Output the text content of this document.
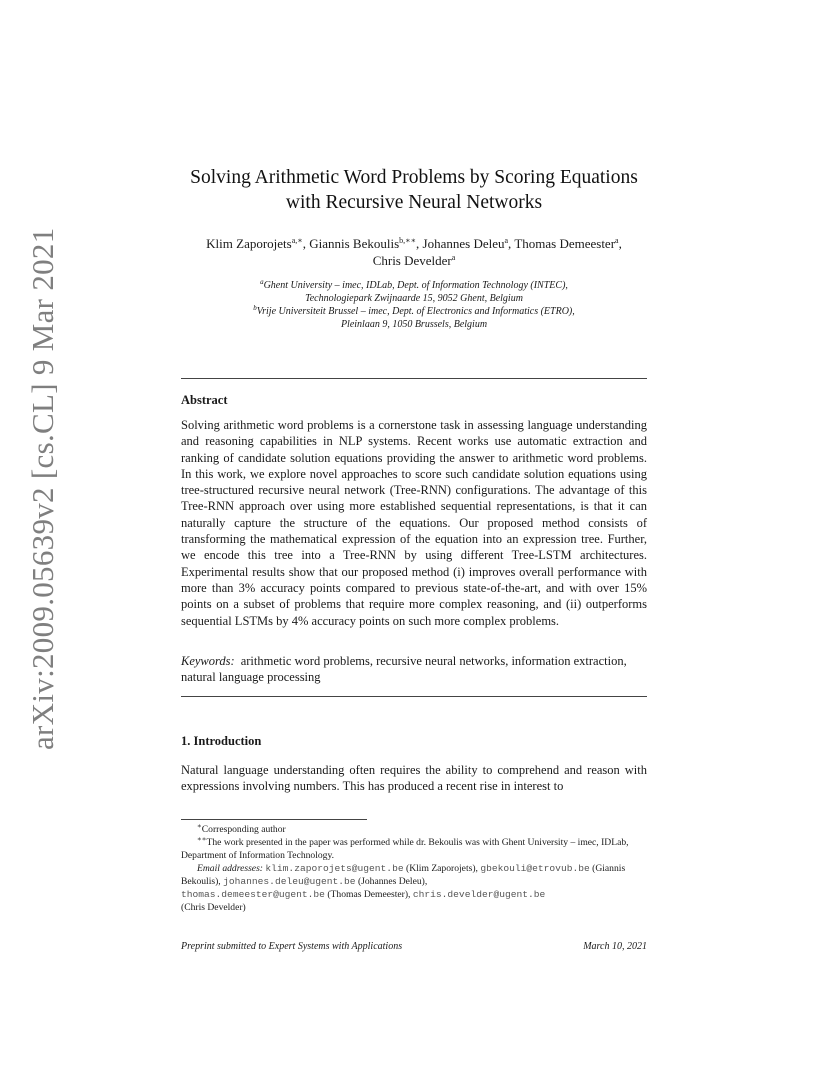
arXiv:2009.05639v2 [cs.CL] 9 Mar 2021
Solving Arithmetic Word Problems by Scoring Equations
with Recursive Neural Networks
Klim Zaporojets$^{a,∗}$, Giannis Bekoulis$^{b,∗∗}$, Johannes Deleu$^a$, Thomas Demeester$^a$,
Chris Develder$^a$
$^a$Ghent University – imec, IDLab, Dept. of Information Technology (INTEC),
Technologiepark Zwijnaarde 15, 9052 Ghent, Belgium
$^b$Vrije Universiteit Brussel – imec, Dept. of Electronics and Informatics (ETRO),
Pleinlaan 9, 1050 Brussels, Belgium
Abstract
Solving arithmetic word problems is a cornerstone task in assessing language understanding and reasoning capabilities in NLP systems. Recent works use automatic extraction and ranking of candidate solution equations providing the answer to arithmetic word problems. In this work, we explore novel approaches to score such candidate solution equations using tree-structured recursive neural network (Tree-RNN) configurations. The advantage of this Tree-RNN approach over using more established sequential representations, is that it can naturally capture the structure of the equations. Our proposed method consists of transforming the mathematical expression of the equation into an expression tree. Further, we encode this tree into a Tree-RNN by using different Tree-LSTM architectures. Experimental results show that our proposed method (i) improves overall performance with more than 3% accuracy points compared to previous state-of-the-art, and with over 15% points on a subset of problems that require more complex reasoning, and (ii) outperforms sequential LSTMs by 4% accuracy points on such more complex problems.
Keywords: arithmetic word problems, recursive neural networks, information extraction, natural language processing
1. Introduction
Natural language understanding often requires the ability to comprehend and reason with expressions involving numbers. This has produced a recent rise in interest to
∗Corresponding author
∗∗The work presented in the paper was performed while dr. Bekoulis was with Ghent University – imec, IDLab, Department of Information Technology.
Email addresses: klim.zaporojets@ugent.be (Klim Zaporojets), gbekouli@etrovub.be (Giannis Bekoulis), johannes.deleu@ugent.be (Johannes Deleu),
thomas.demeester@ugent.be (Thomas Demeester), chris.develder@ugent.be
(Chris Develder)
Preprint submitted to Expert Systems with Applications	March 10, 2021
